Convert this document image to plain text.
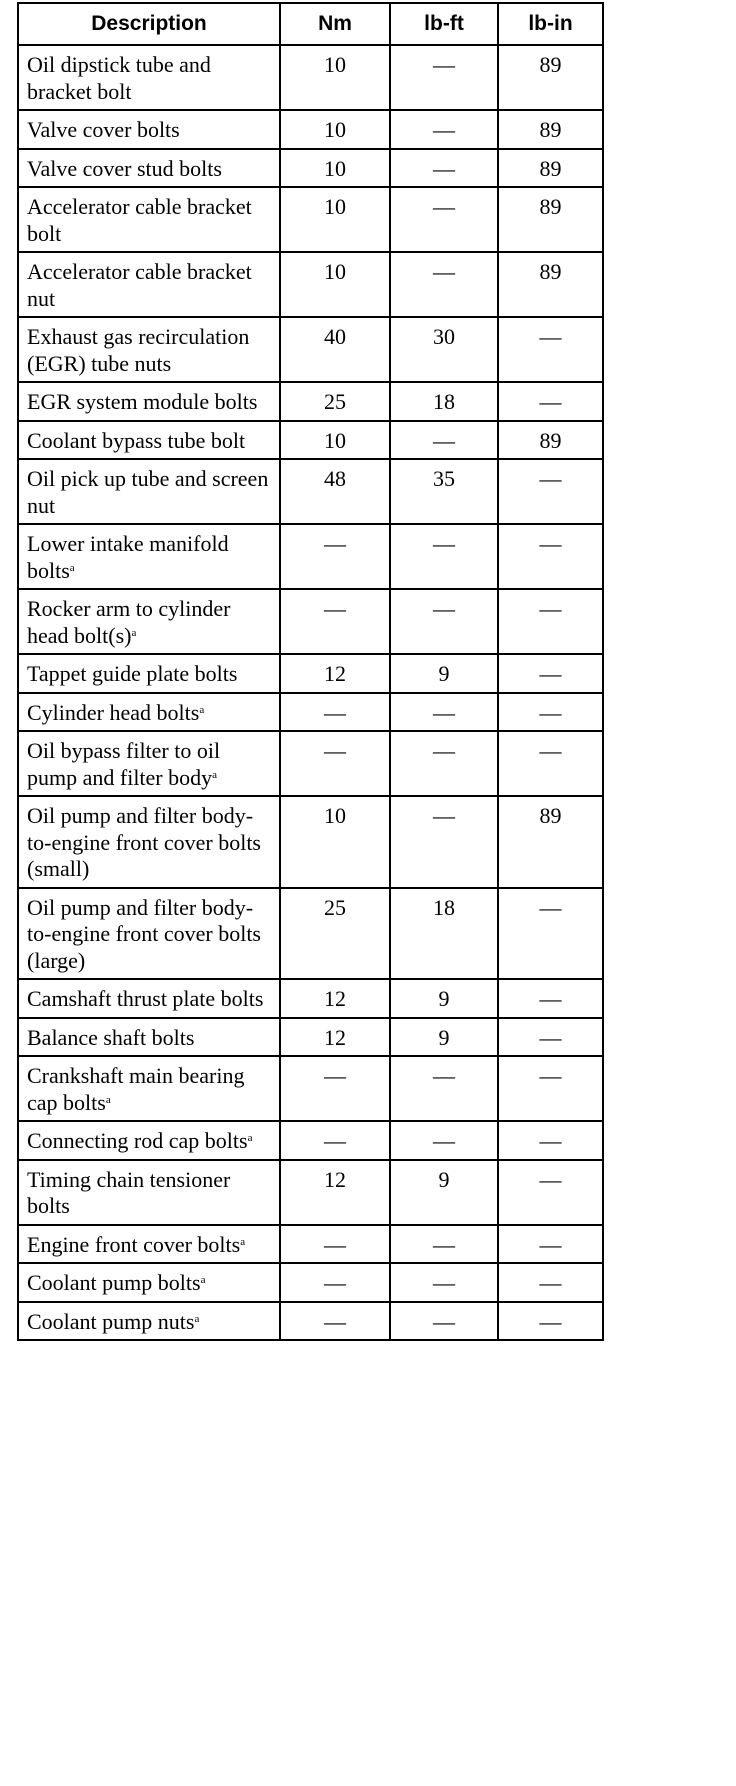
Description	Nm	lb-ft	lb-in
Oil dipstick tube and bracket bolt	10	—	89
Valve cover bolts	10	—	89
Valve cover stud bolts	10	—	89
Accelerator cable bracket bolt	10	—	89
Accelerator cable bracket nut	10	—	89
Exhaust gas recirculation (EGR) tube nuts	40	30	—
EGR system module bolts	25	18	—
Coolant bypass tube bolt	10	—	89
Oil pick up tube and screen nut	48	35	—
Lower intake manifold bolts$^a$	—	—	—
Rocker arm to cylinder head $bolt(s)^a$	—	—	—
Tappet guide plate bolts	12	9	—
Cylinder head bolts$^a$	—	—	—
Oil bypass filter to oil pump and filter body$^a$	—	—	—
Oil pump and filter body-to-engine front cover bolts (small)	10	—	89
Oil pump and filter body-to-engine front cover bolts (large)	25	18	—
Camshaft thrust plate bolts	12	9	—
Balance shaft bolts	12	9	—
Crankshaft main bearing cap bolts$^a$	—	—	—
Connecting rod cap bolts$^a$	—	—	—
Timing chain tensioner bolts	12	9	—
Engine front cover bolts$^a$	—	—	—
Coolant pump bolts$^a$	—	—	—
Coolant pump nuts$^a$	—	—	—
